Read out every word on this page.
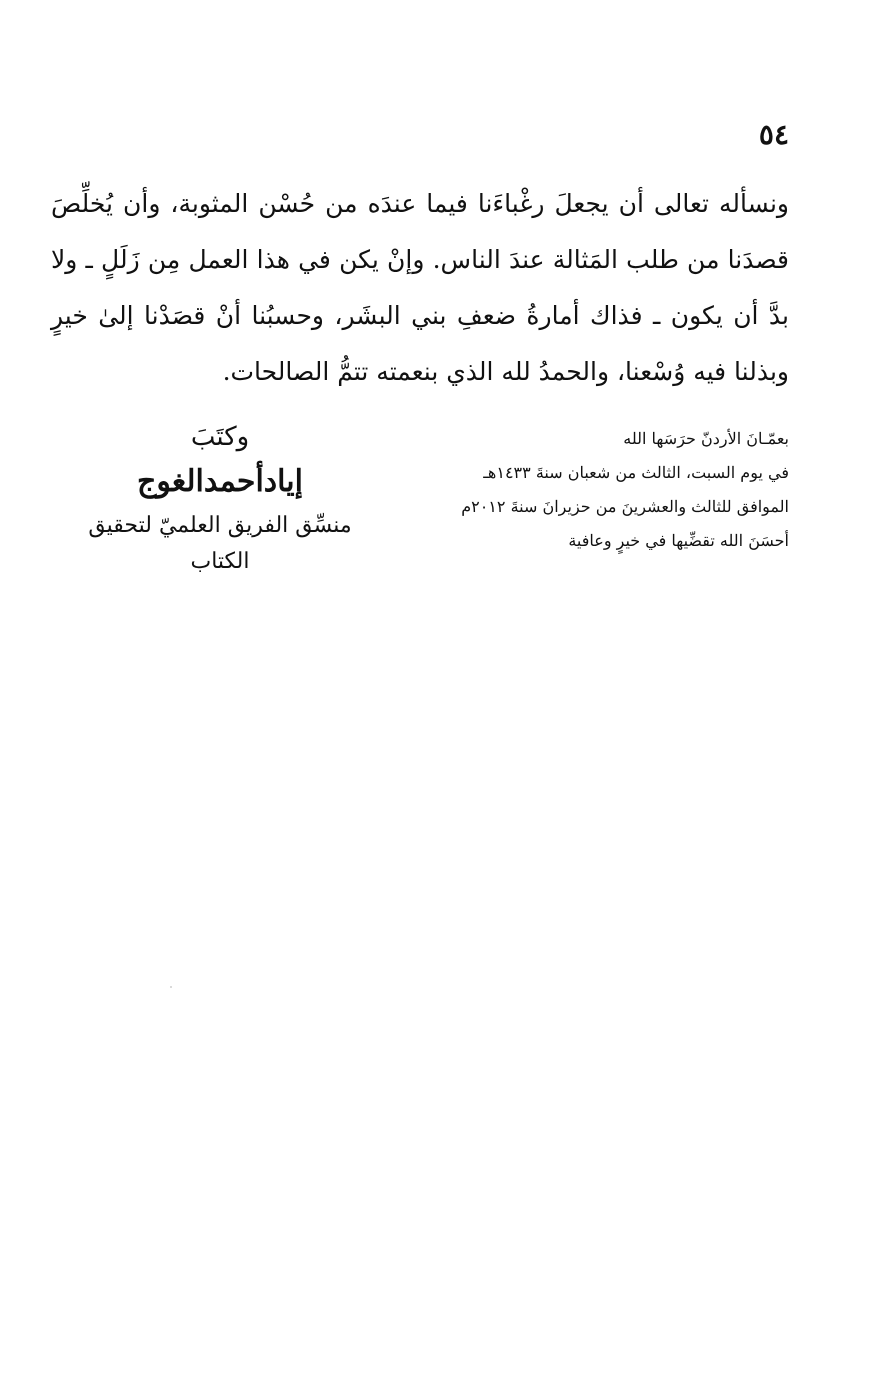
٥٤

ونسأله تعالى أن يجعلَ رغْباءَنا فيما عندَه من حُسْن المثوبة، وأن يُخلِّصَ قصدَنا من طلب المَثالة عندَ الناس. وإنْ يكن في هذا العمل مِن زَلَلٍ ـ ولا بدَّ أن يكون ـ فذاك أمارةُ ضعفِ بني البشَر، وحسبُنا أنْ قصَدْنا إلىٰ خيرٍ وبذلنا فيه وُسْعنا، والحمدُ لله الذي بنعمته تتمُّ الصالحات.

بعمّـانَ الأردنّ حرَسَها الله
في يوم السبت، الثالث من شعبان سنةَ ١٤٣٣هـ
الموافق للثالث والعشرينَ من حزيرانَ سنةَ ٢٠١٢م
أحسَنَ الله تقضِّيها في خيرٍ وعافية
وكتَبَ
إيادأحمدالغوج
منسِّق الفريق العلميّ لتحقيق الكتاب
